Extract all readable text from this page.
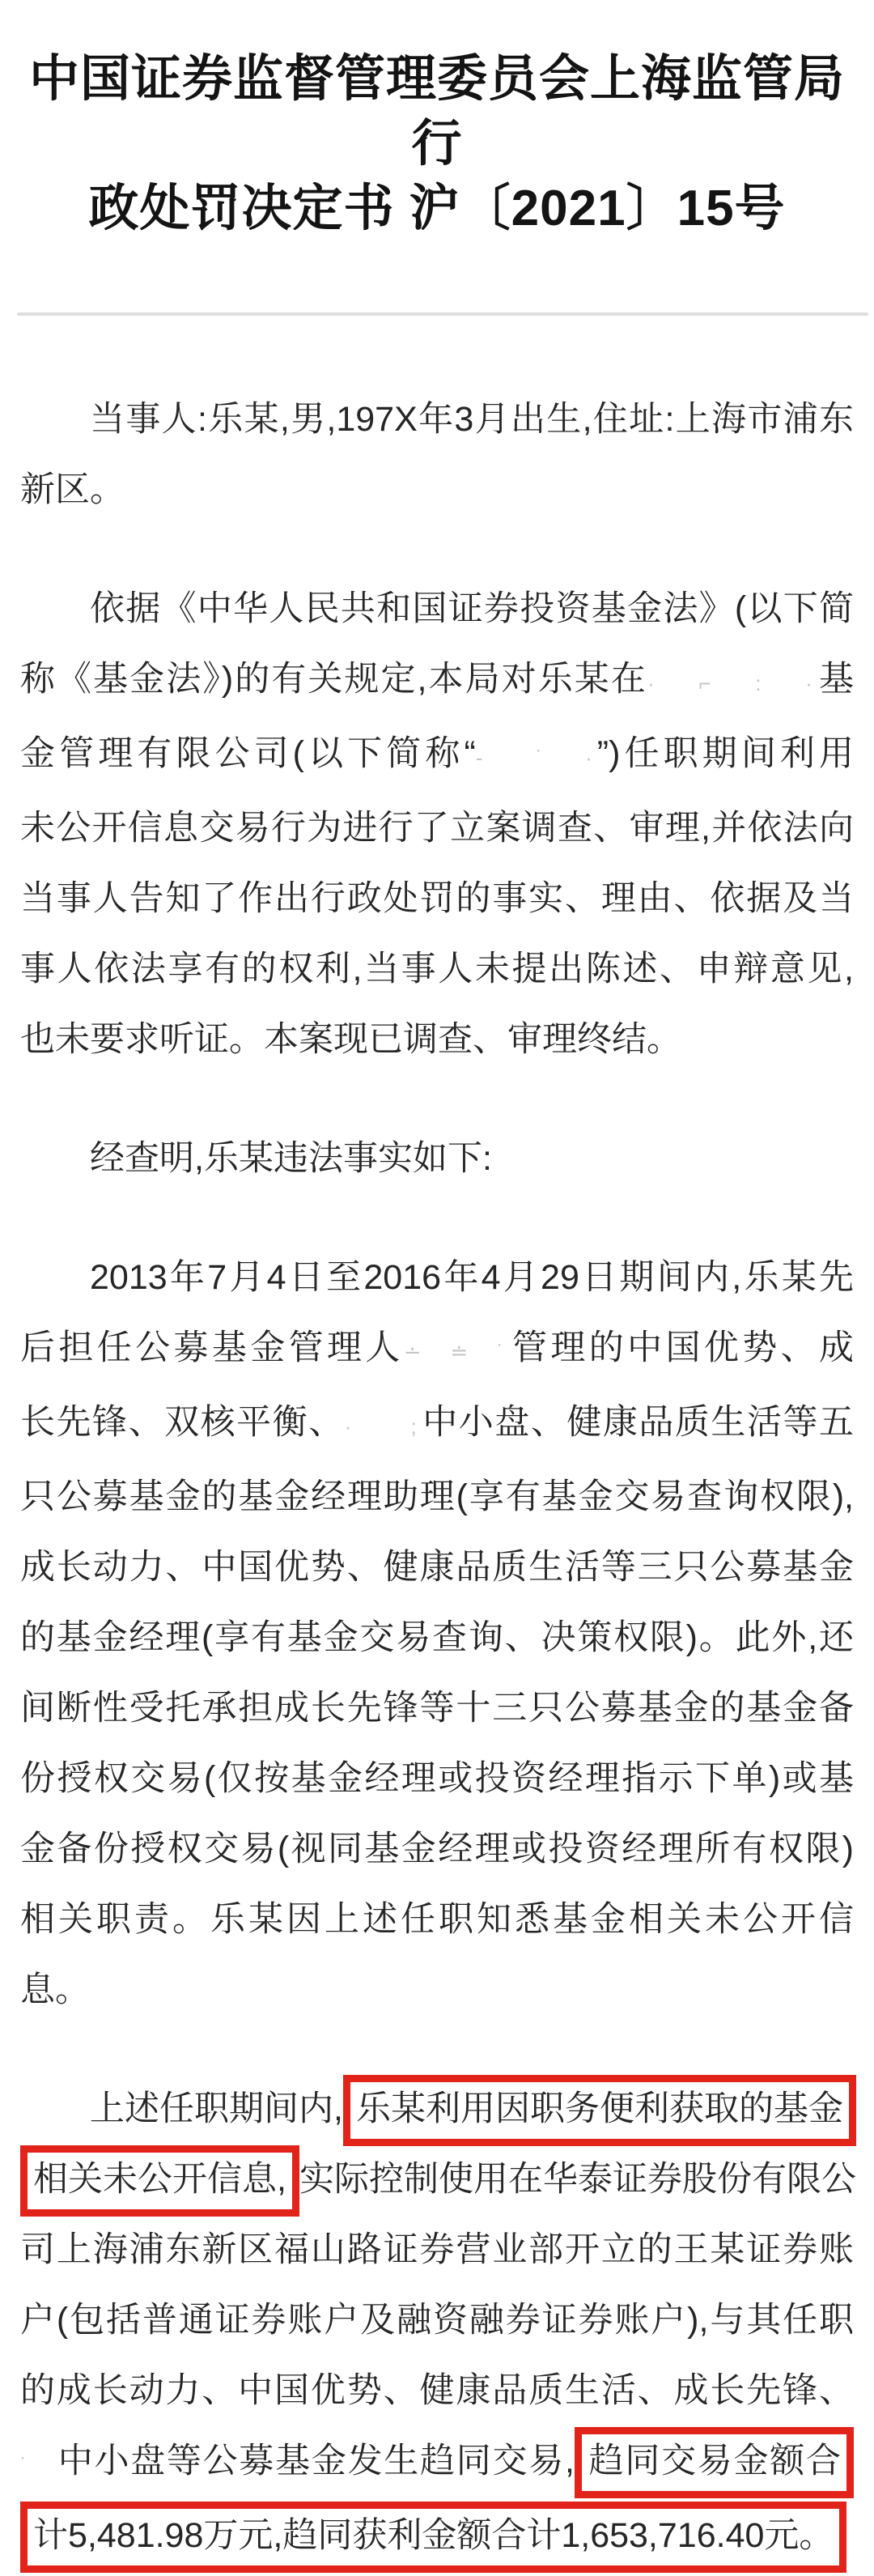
中国证券监督管理委员会上海监管局行
政处罚决定书 沪〔2021〕15号
当事人:乐某,男,197X年3月出生,住址:上海市浦东
新区。
依据《中华人民共和国证券投资基金法》(以下简
称《基金法》)的有关规定,本局对乐某在· ⌐ : ·基
金管理有限公司(以下简称“- ˙·”)任职期间利用
未公开信息交易行为进行了立案调查、审理,并依法向
当事人告知了作出行政处罚的事实、理由、依据及当
事人依法享有的权利,当事人未提出陈述、申辩意见,
也未要求听证。本案现已调查、审理终结。
经查明,乐某违法事实如下:
2013年7月4日至2016年4月29日期间内,乐某先
后担任公募基金管理人∸ ≐ ˙管理的中国优势、成
长先锋、双核平衡、· ;中小盘、健康品质生活等五
只公募基金的基金经理助理(享有基金交易查询权限),
成长动力、中国优势、健康品质生活等三只公募基金
的基金经理(享有基金交易查询、决策权限)。此外,还
间断性受托承担成长先锋等十三只公募基金的基金备
份授权交易(仅按基金经理或投资经理指示下单)或基
金备份授权交易(视同基金经理或投资经理所有权限)
相关职责。乐某因上述任职知悉基金相关未公开信
息。
上述任职期间内, 乐某利用因职务便利获取的基金
相关未公开信息, 实际控制使用在华泰证券股份有限公
司上海浦东新区福山路证券营业部开立的王某证券账
户(包括普通证券账户及融资融券证券账户),与其任职
的成长动力、中国优势、健康品质生活、成长先锋、
˙ 中小盘等公募基金发生趋同交易, 趋同交易金额合
计5,481.98万元,趋同获利金额合计1,653,716.40元。
